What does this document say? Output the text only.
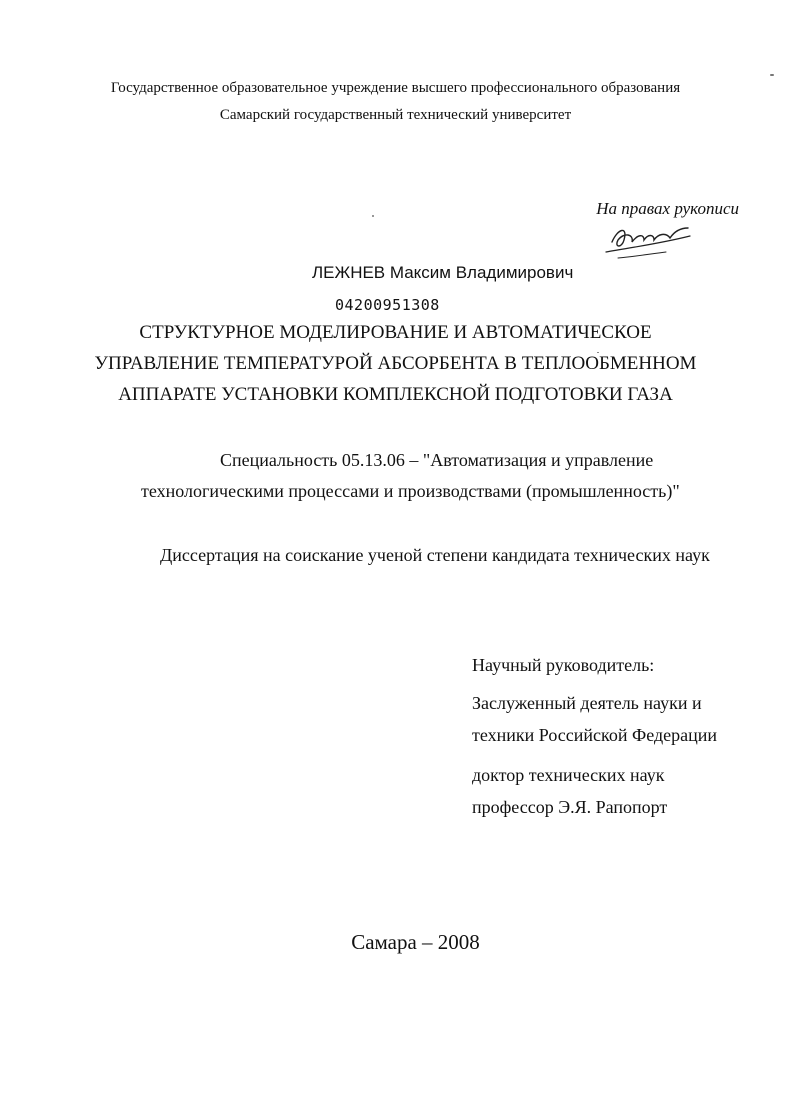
Государственное образовательное учреждение высшего профессионального образования
Самарский государственный технический университет
На правах рукописи
ЛЕЖНЕВ Максим Владимирович
04200951308
СТРУКТУРНОЕ МОДЕЛИРОВАНИЕ И АВТОМАТИЧЕСКОЕ
УПРАВЛЕНИЕ ТЕМПЕРАТУРОЙ АБСОРБЕНТА В ТЕПЛООБМЕННОМ
АППАРАТЕ УСТАНОВКИ КОМПЛЕКСНОЙ ПОДГОТОВКИ ГАЗА
Специальность 05.13.06 – "Автоматизация и управление
технологическими процессами и производствами (промышленность)"
Диссертация на соискание ученой степени кандидата технических наук
Научный руководитель:
Заслуженный деятель науки и
техники Российской Федерации
доктор технических наук
профессор Э.Я. Рапопорт
Самара – 2008
